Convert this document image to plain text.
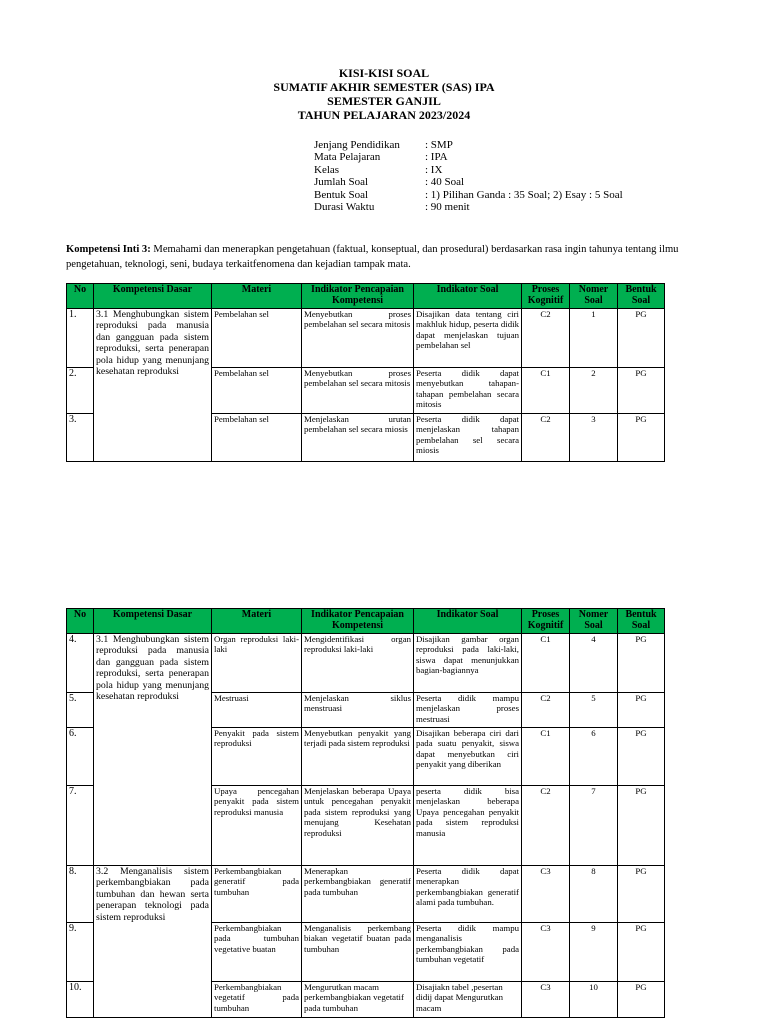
KISI-KISI SOAL

SUMATIF AKHIR SEMESTER (SAS) IPA

SEMESTER GANJIL

TAHUN PELAJARAN 2023/2024

Jenjang Pendidikan	: SMP
Mata Pelajaran	: IPA
Kelas	: IX
Jumlah Soal	: 40 Soal
Bentuk Soal	: 1) Pilihan Ganda : 35 Soal; 2) Esay : 5 Soal
Durasi Waktu	: 90 menit
Kompetensi Inti 3: Memahami dan menerapkan pengetahuan (faktual, konseptual, dan prosedural) berdasarkan rasa ingin tahunya tentang ilmu pengetahuan, teknologi, seni, budaya terkaitfenomena dan kejadian tampak mata.
No	Kompetensi Dasar	Materi	Indikator Pencapaian Kompetensi	Indikator Soal	Proses Kognitif	Nomer Soal	Bentuk Soal
1.	3.1 Menghubungkan sistem reproduksi pada manusia dan gangguan pada sistem reproduksi, serta penerapan pola hidup yang menunjang kesehatan reproduksi	Pembelahan sel	Menyebutkan proses pembelahan sel secara mitosis	Disajikan data tentang ciri makhluk hidup, peserta didik dapat menjelaskan tujuan pembelahan sel	C2	1	PG
2.		Pembelahan sel	Menyebutkan proses pembelahan sel secara mitosis	Peserta didik dapat menyebutkan tahapan-tahapan pembelahan secara mitosis	C1	2	PG
3.		Pembelahan sel	Menjelaskan urutan pembelahan sel secara miosis	Peserta didik dapat menjelaskan tahapan pembelahan sel secara miosis	C2	3	PG
No	Kompetensi Dasar	Materi	Indikator Pencapaian Kompetensi	Indikator Soal	Proses Kognitif	Nomer Soal	Bentuk Soal
4.	3.1 Menghubungkan sistem reproduksi pada manusia dan gangguan pada sistem reproduksi, serta penerapan pola hidup yang menunjang kesehatan reproduksi	Organ reproduksi laki-laki	Mengidentifikasi organ reproduksi laki-laki	Disajikan gambar organ reproduksi pada laki-laki, siswa dapat menunjukkan bagian-bagiannya	C1	4	PG
5.		Mestruasi	Menjelaskan siklus menstruasi	Peserta didik mampu menjelaskan proses mestruasi	C2	5	PG
6.		Penyakit pada sistem reproduksi	Menyebutkan penyakit yang terjadi pada sistem reproduksi	Disajikan beberapa ciri dari pada suatu penyakit, siswa dapat menyebutkan ciri penyakit yang diberikan	C1	6	PG
7.		Upaya pencegahan penyakit pada sistem reproduksi manusia	Menjelaskan beberapa Upaya untuk pencegahan penyakit pada sistem reproduksi yang menujang Kesehatan reproduksi	peserta didik bisa menjelaskan beberapa Upaya pencegahan penyakit pada sistem reproduksi manusia	C2	7	PG
8.	3.2 Menganalisis sistem perkembangbiakan pada tumbuhan dan hewan serta penerapan teknologi pada sistem reproduksi	Perkembangbiakan generatif pada tumbuhan	Menerapkan perkembangbiakan generatif pada tumbuhan	Peserta didik dapat menerapkan perkembangbiakan generatif alami pada tumbuhan.	C3	8	PG
9.		Perkembangbiakan pada tumbuhan vegetative buatan	Menganalisis perkembang biakan vegetatif buatan pada tumbuhan	Peserta didik mampu menganalisis perkembangbiakan pada tumbuhan vegetatif	C3	9	PG
10.		Perkembangbiakan vegetatif pada tumbuhan	Mengurutkan macam perkembangbiakan vegetatif pada tumbuhan	Disajiakn tabel ,pesertan didij dapat Mengurutkan macam	C3	10	PG
